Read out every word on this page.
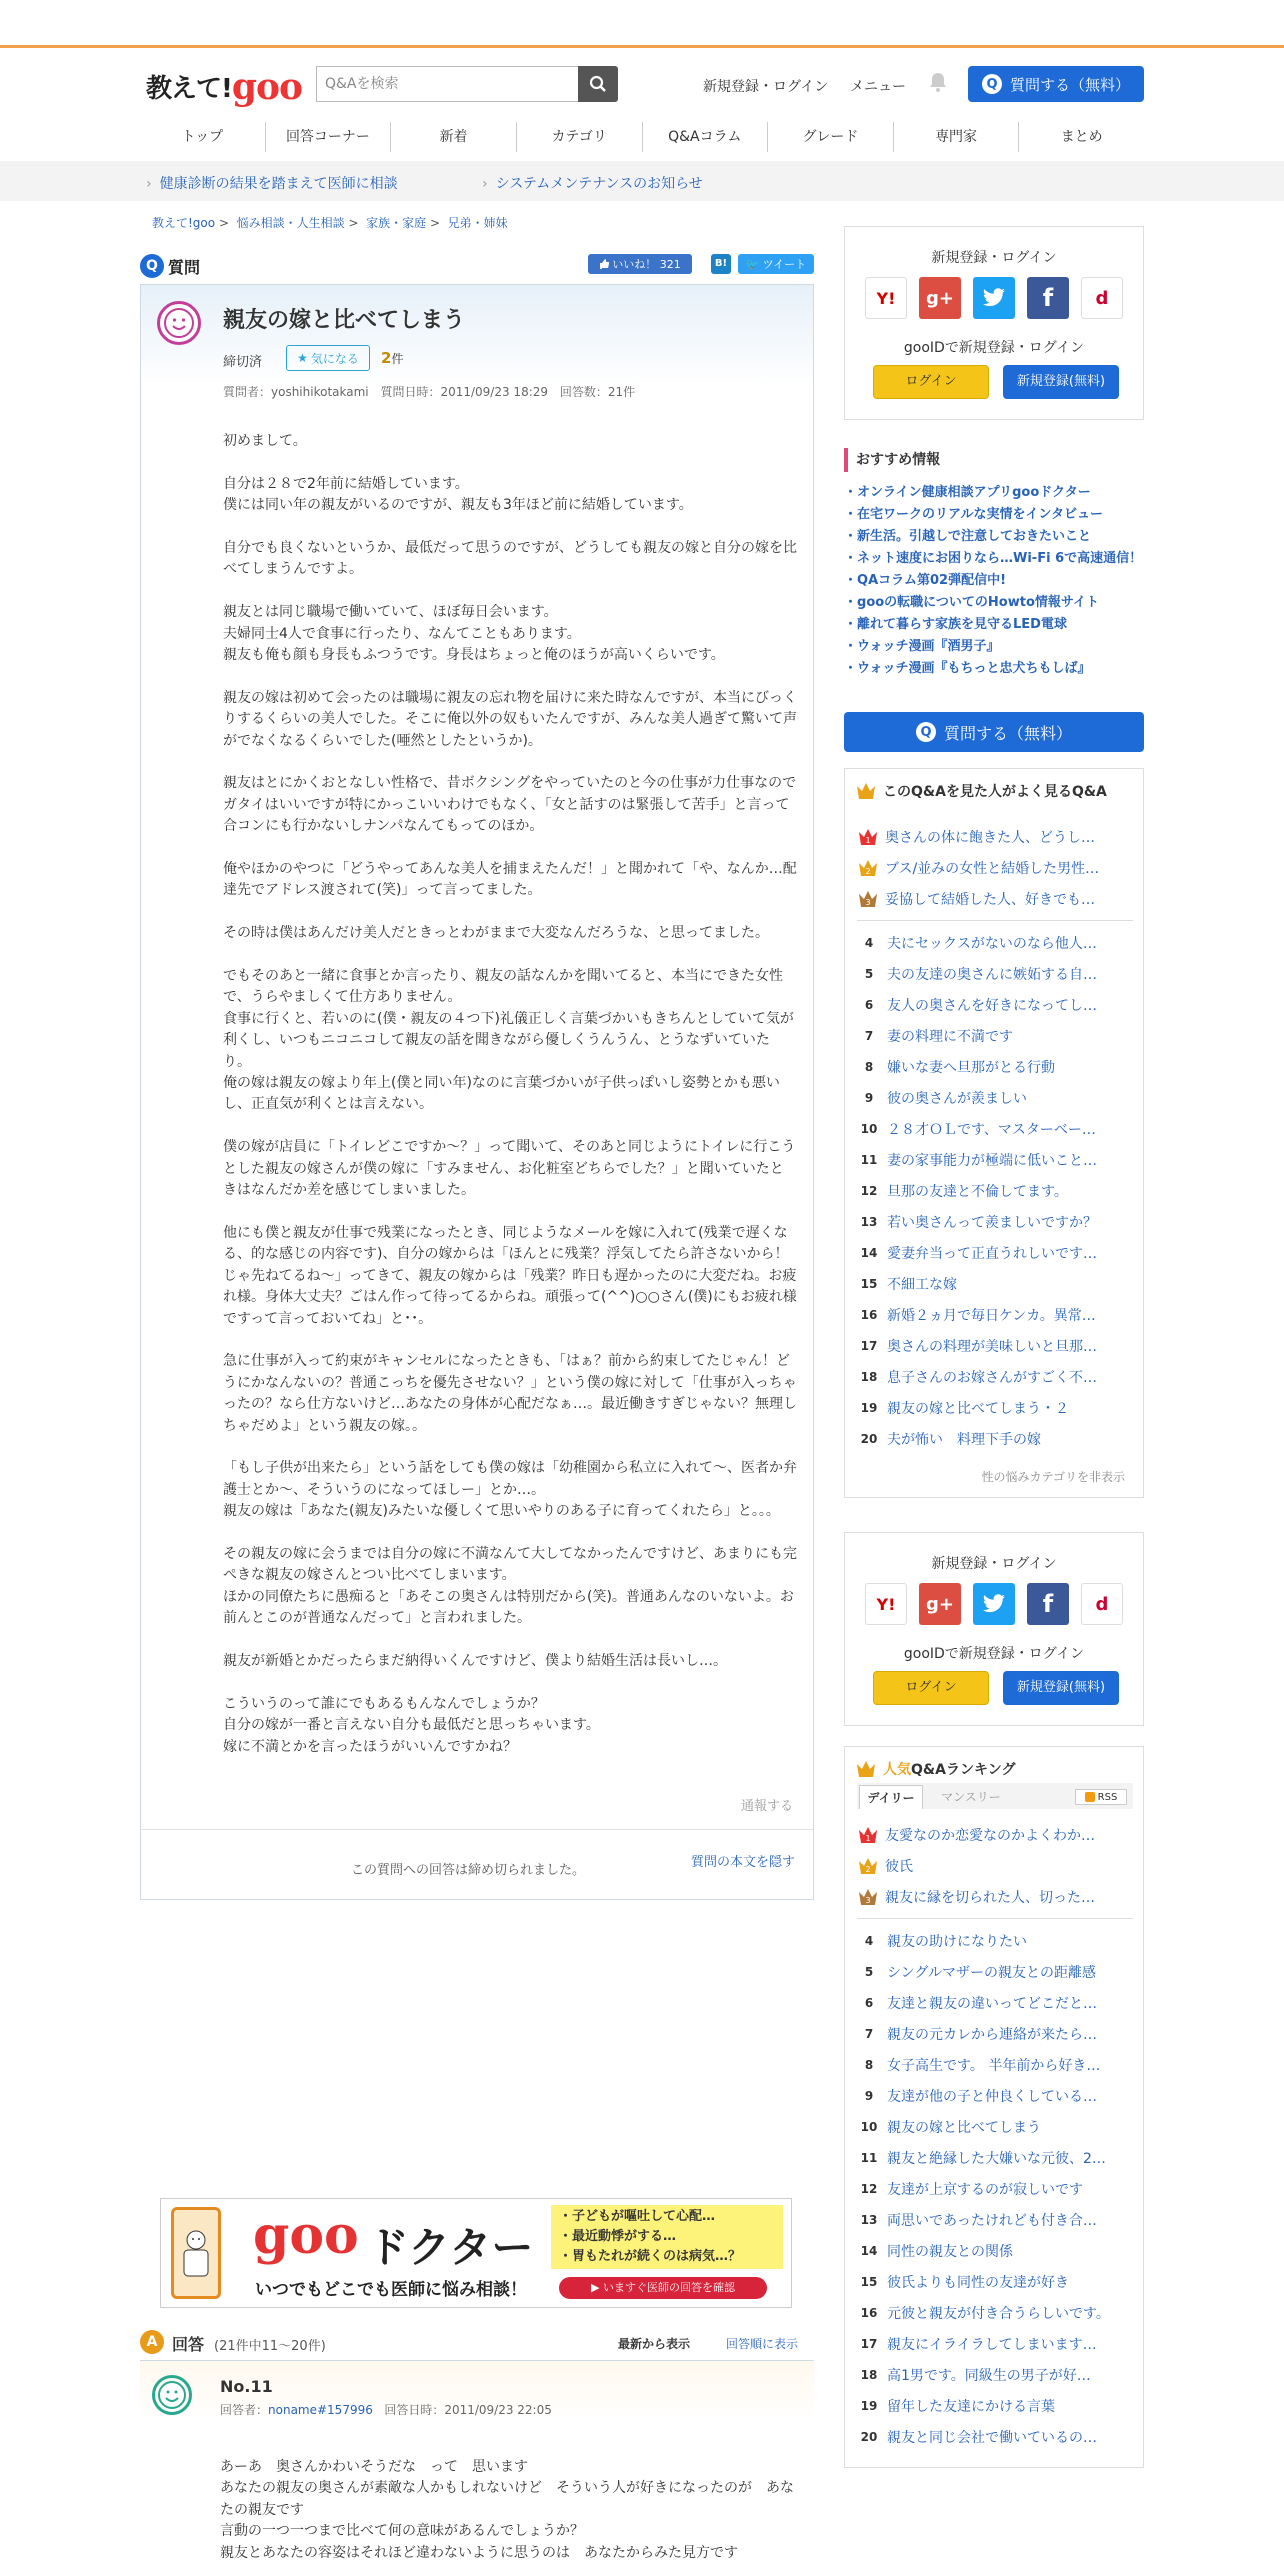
教えて!goo	Q&Aを検索	新規登録・ログイン メニュー	Q 質問する（無料）
トップ	回答コーナー	新着	カテゴリ	Q&Aコラム	グレード	専門家	まとめ
› 健康診断の結果を踏まえて医師に相談
›	システムメンテナンスのお知らせ
教えて!goo >  悩み相談・人生相談 >  家族・家庭 >  兄弟・姉妹
Q 質問	いいね！ 321	B!	🐦 ツイート
親友の嫁と比べてしまう
締切済	★ 気になる 2件
質問者：yoshihikotakami 質問日時：2011/09/23 18:29 回答数：21件

初めまして。

自分は２８で2年前に結婚しています。
僕には同い年の親友がいるのですが、親友も3年ほど前に結婚しています。

自分でも良くないというか、最低だって思うのですが、どうしても親友の嫁と自分の嫁を比べてしまうんですよ。

親友とは同じ職場で働いていて、ほぼ毎日会います。
夫婦同士4人で食事に行ったり、なんてこともあります。
親友も俺も顔も身長もふつうです。身長はちょっと俺のほうが高いくらいです。

親友の嫁は初めて会ったのは職場に親友の忘れ物を届けに来た時なんですが、本当にびっくりするくらいの美人でした。そこに俺以外の奴もいたんですが、みんな美人過ぎて驚いて声がでなくなるくらいでした(唖然としたというか)。

親友はとにかくおとなしい性格で、昔ボクシングをやっていたのと今の仕事が力仕事なのでガタイはいいですが特にかっこいいわけでもなく、「女と話すのは緊張して苦手」と言って合コンにも行かないしナンパなんてもってのほか。

俺やほかのやつに「どうやってあんな美人を捕まえたんだ！」と聞かれて「や、なんか…配達先でアドレス渡されて(笑)」って言ってました。

その時は僕はあんだけ美人だときっとわがままで大変なんだろうな、と思ってました。

でもそのあと一緒に食事とか言ったり、親友の話なんかを聞いてると、本当にできた女性で、うらやましくて仕方ありません。
食事に行くと、若いのに(僕・親友の４つ下)礼儀正しく言葉づかいもきちんとしていて気が利くし、いつもニコニコして親友の話を聞きながら優しくうんうん、とうなずいていたり。
俺の嫁は親友の嫁より年上(僕と同い年)なのに言葉づかいが子供っぽいし姿勢とかも悪いし、正直気が利くとは言えない。

僕の嫁が店員に「トイレどこですか～？」って聞いて、そのあと同じようにトイレに行こうとした親友の嫁さんが僕の嫁に「すみません、お化粧室どちらでした？」と聞いていたときはなんだか差を感じてしまいました。

他にも僕と親友が仕事で残業になったとき、同じようなメールを嫁に入れて(残業で遅くなる、的な感じの内容です)、自分の嫁からは「ほんとに残業？浮気してたら許さないから！じゃ先ねてるね～」ってきて、親友の嫁からは「残業？昨日も遅かったのに大変だね。お疲れ様。身体大丈夫？ごはん作って待ってるからね。頑張って(^^)○○さん(僕)にもお疲れ様ですって言っておいてね」と･･。

急に仕事が入って約束がキャンセルになったときも、「はぁ？前から約束してたじゃん！どうにかなんないの？普通こっちを優先させない？」という僕の嫁に対して「仕事が入っちゃったの？なら仕方ないけど…あなたの身体が心配だなぁ…。最近働きすぎじゃない？無理しちゃだめよ」という親友の嫁。。

「もし子供が出来たら」という話をしても僕の嫁は「幼稚園から私立に入れて～、医者か弁護士とか～、そういうのになってほしー」とか…。
親友の嫁は「あなた(親友)みたいな優しくて思いやりのある子に育ってくれたら」と。。。

その親友の嫁に会うまでは自分の嫁に不満なんて大してなかったんですけど、あまりにも完ぺきな親友の嫁さんとつい比べてしまいます。
ほかの同僚たちに愚痴ると「あそこの奥さんは特別だから(笑)。普通あんなのいないよ。お前んとこのが普通なんだって」と言われました。

親友が新婚とかだったらまだ納得いくんですけど、僕より結婚生活は長いし…。

こういうのって誰にでもあるもんなんでしょうか？
自分の嫁が一番と言えない自分も最低だと思っちゃいます。
嫁に不満とかを言ったほうがいいんですかね？

通報する
この質問への回答は締め切られました。
質問の本文を隠す
goo ドクター
いつでもどこでも医師に悩み相談！
・子どもが嘔吐して心配…
・最近動悸がする…
・胃もたれが続くのは病気…？
▶ いますぐ医師の回答を確認
A 回答 (21件中11～20件)	最新から表示	回答順に表示
No.11
回答者：noname#157996 回答日時：2011/09/23 22:05
あーあ　奥さんかわいそうだな　って　思います
あなたの親友の奥さんが素敵な人かもしれないけど　そういう人が好きになったのが　あなたの親友です
言動の一つ一つまで比べて何の意味があるんでしょうか？
親友とあなたの容姿はそれほど違わないように思うのは　あなたからみた見方です
新規登録・ログイン
Y!	g+	f	d
gooIDで新規登録・ログイン
ログイン	新規登録(無料)
おすすめ情報
・ オンライン健康相談アプリgooドクター
・ 在宅ワークのリアルな実情をインタビュー
・ 新生活。引越しで注意しておきたいこと
・ ネット速度にお困りなら…Wi-Fi 6で高速通信！
・ QAコラム第02弾配信中!
・ gooの転職についてのHowto情報サイト
・ 離れて暮らす家族を見守るLED電球
・ ウォッチ漫画『酒男子』
・ ウォッチ漫画『もちっと忠犬ちもしば』
Q 質問する（無料）
このQ&Aを見た人がよく見るQ&A
1 奥さんの体に飽きた人、どうし…
2 ブス/並みの女性と結婚した男性…
3 妥協して結婚した人、好きでも…
4 夫にセックスがないのなら他人…
5 夫の友達の奥さんに嫉妬する自…
6 友人の奥さんを好きになってし…
7 妻の料理に不満です
8 嫌いな妻へ旦那がとる行動
9 彼の奥さんが羨ましい
10 ２８才ＯＬです、マスターベー…
11 妻の家事能力が極端に低いこと…
12 旦那の友達と不倫してます。
13 若い奥さんって羨ましいですか？
14 愛妻弁当って正直うれしいです…
15 不細工な嫁
16 新婚２ヵ月で毎日ケンカ。異常…
17 奥さんの料理が美味しいと旦那…
18 息子さんのお嫁さんがすごく不…
19 親友の嫁と比べてしまう・２
20 夫が怖い　料理下手の嫁
性の悩みカテゴリを非表示
新規登録・ログイン
Y!	g+	f	d
gooIDで新規登録・ログイン
ログイン	新規登録(無料)
人気 Q&Aランキング
デイリー	マンスリー	RSS
1 友愛なのか恋愛なのかよくわか…
2 彼氏
3 親友に縁を切られた人、切った…
4 親友の助けになりたい
5 シングルマザーの親友との距離感
6 友達と親友の違いってどこだと…
7 親友の元カレから連絡が来たら…
8 女子高生です。 半年前から好き…
9 友達が他の子と仲良くしている…
10 親友の嫁と比べてしまう
11 親友と絶縁した大嫌いな元彼、2…
12 友達が上京するのが寂しいです
13 両思いであったけれども付き合…
14 同性の親友との関係
15 彼氏よりも同性の友達が好き
16 元彼と親友が付き合うらしいです。
17 親友にイライラしてしまいます…
18 高1男です。同級生の男子が好…
19 留年した友達にかける言葉
20 親友と同じ会社で働いているの…
